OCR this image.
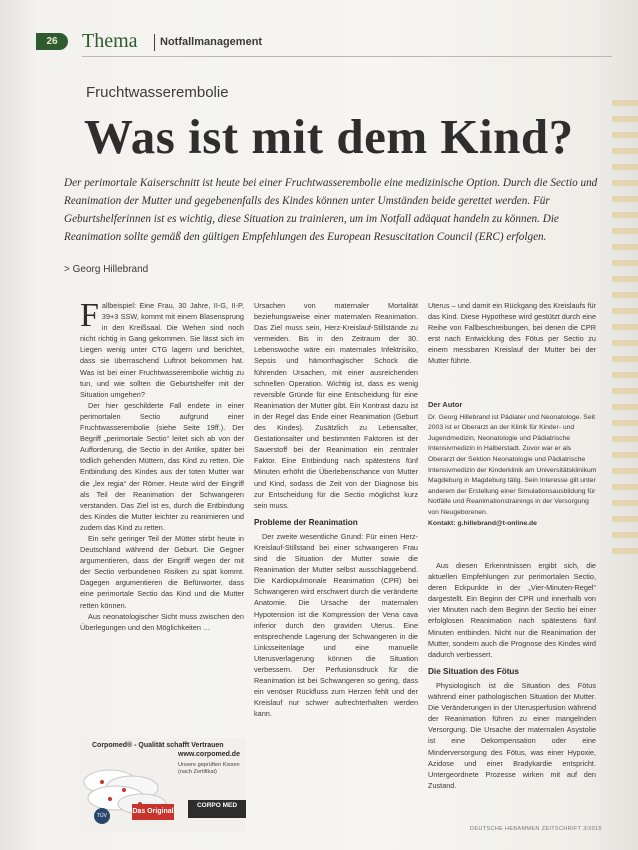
26	Thema Notfallmanagement
Fruchtwasserembolie
Was ist mit dem Kind?

Der perimortale Kaiserschnitt ist heute bei einer Fruchtwasserembolie eine medizinische Option. Durch die Sectio und Reanimation der Mutter und gegebenenfalls des Kindes können unter Umständen beide gerettet werden. Für Geburtshelferinnen ist es wichtig, diese Situation zu trainieren, um im Notfall adäquat handeln zu können. Die Reanimation sollte gemäß den gültigen Empfehlungen des European Resuscitation Council (ERC) erfolgen.

> Georg Hillebrand

Fallbeispiel: Eine Frau, 30 Jahre, II-G, II-P, 39+3 SSW, kommt mit einem Blasensprung in den Kreißsaal. Die Wehen sind noch nicht richtig in Gang gekommen. Sie lässt sich im Liegen wenig unter CTG lagern und berichtet, dass sie überraschend Luftnot bekommen hat. Was ist bei einer Fruchtwasserembolie wichtig zu tun, und wie sollten die Geburtshelfer mit der Situation umgehen?

Der hier geschilderte Fall endete in einer perimortalen Sectio aufgrund einer Fruchtwasserembolie (siehe Seite 19ff.). Der Begriff „perimortale Sectio“ leitet sich ab von der Aufforderung, die Sectio in der Antike, später bei tödlich gehenden Müttern, das Kind zu retten. Die Entbindung des Kindes aus der toten Mutter war die „lex regia“ der Römer. Heute wird der Eingriff als Teil der Reanimation der Schwangeren verstanden. Das Ziel ist es, durch die Entbindung des Kindes die Mutter leichter zu reanimieren und zudem das Kind zu retten.

Ein sehr geringer Teil der Mütter stirbt heute in Deutschland während der Geburt. Die Gegner argumentieren, dass der Eingriff wegen der mit der Sectio verbundenen Risiken zu spät kommt. Dagegen argumentieren die Befürworter, dass eine perimortale Sectio das Kind und die Mutter retten können.

Aus neonatologischer Sicht muss zwischen den Überlegungen und den Möglichkeiten …

Ursachen von maternaler Mortalität beziehungsweise einer maternalen Reanimation. Das Ziel muss sein, Herz-Kreislauf-Stillstände zu vermeiden. Bis in den Zeitraum der 30. Lebenswoche wäre ein maternales Infektrisiko, Sepsis und hämorrhagischer Schock die führenden Ursachen, mit einer ausreichenden schnellen Operation. Wichtig ist, dass es wenig reversible Gründe für eine Entscheidung für eine Reanimation der Mutter gibt. Ein Kontrast dazu ist in der Regel das Ende einer Reanimation (Geburt des Kindes). Zusätzlich zu Lebensalter, Gestationsalter und bestimmten Faktoren ist der Sauerstoff bei der Reanimation ein zentraler Faktor. Eine Entbindung nach spätestens fünf Minuten erhöht die Überlebenschance von Mutter und Kind, sodass die Zeit von der Diagnose bis zur Entscheidung für die Sectio möglichst kurz sein muss.

Probleme der Reanimation

Der zweite wesentliche Grund: Für einen Herz-Kreislauf-Stillstand bei einer schwangeren Frau sind die Situation der Mutter sowie die Reanimation der Mutter selbst ausschlaggebend. Die Kardiopulmonale Reanimation (CPR) bei Schwangeren wird erschwert durch die veränderte Anatomie. Die Ursache der maternalen Hypotension ist die Kompression der Vena cava inferior durch den graviden Uterus. Eine entsprechende Lagerung der Schwangeren in die Linksseitenlage und eine manuelle Uterusverlagerung können die Situation verbessern. Der Perfusionsdruck für die Reanimation ist bei Schwangeren so gering, dass ein venöser Rückfluss zum Herzen fehlt und der Kreislauf nur schwer aufrechterhalten werden kann.

Uterus – und damit ein Rückgang des Kreislaufs für das Kind. Diese Hypothese wird gestützt durch eine Reihe von Fallbeschreibungen, bei denen die CPR erst nach Entwicklung des Fötus per Sectio zu einem messbaren Kreislauf der Mutter bei der Mutter führte.

Der Autor
Dr. Georg Hillebrand ist Pädiater und Neonatologe. Seit 2003 ist er Oberarzt an der Klinik für Kinder- und Jugendmedizin, Neonatologie und Pädiatrische Intensivmedizin in Halberstadt. Zuvor war er als Oberarzt der Sektion Neonatologie und Pädiatrische Intensivmedizin der Kinderklinik am Universitätsklinikum Magdeburg in Magdeburg tätig. Sein Interesse gilt unter anderem der Erstellung einer Simulationsausbildung für Notfälle und Reanimationstrainings in der Versorgung von Neugeborenen.
Kontakt: g.hillebrand@t-online.de

Aus diesen Erkenntnissen ergibt sich, die aktuellen Empfehlungen zur perimortalen Sectio, deren Eckpunkte in der „Vier-Minuten-Regel“ dargestellt. Ein Beginn der CPR und innerhalb von vier Minuten nach dem Beginn der Sectio bei einer erfolglosen Reanimation nach spätestens fünf Minuten entbinden. Nicht nur die Reanimation der Mutter, sondern auch die Prognose des Kindes wird dadurch verbessert.

Die Situation des Fötus

Physiologisch ist die Situation des Fötus während einer pathologischen Situation der Mutter. Die Veränderungen in der Uterusperfusion während der Reanimation führen zu einer mangelnden Versorgung. Die Ursache der maternalen Asystolie ist eine Dekompensation oder eine Minderversorgung des Fötus, was einer Hypoxie, Azidose und einer Bradykardie entspricht. Untergeordnete Prozesse wirken mit auf den Zustand.

Corpomed® - Qualität schafft Vertrauen
www.corpomed.de
Unsere geprüften Kissen (nach Zertifikat)
TÜV
Das Original
CORPO MED
DEUTSCHE HEBAMMEN ZEITSCHRIFT 3/2015
